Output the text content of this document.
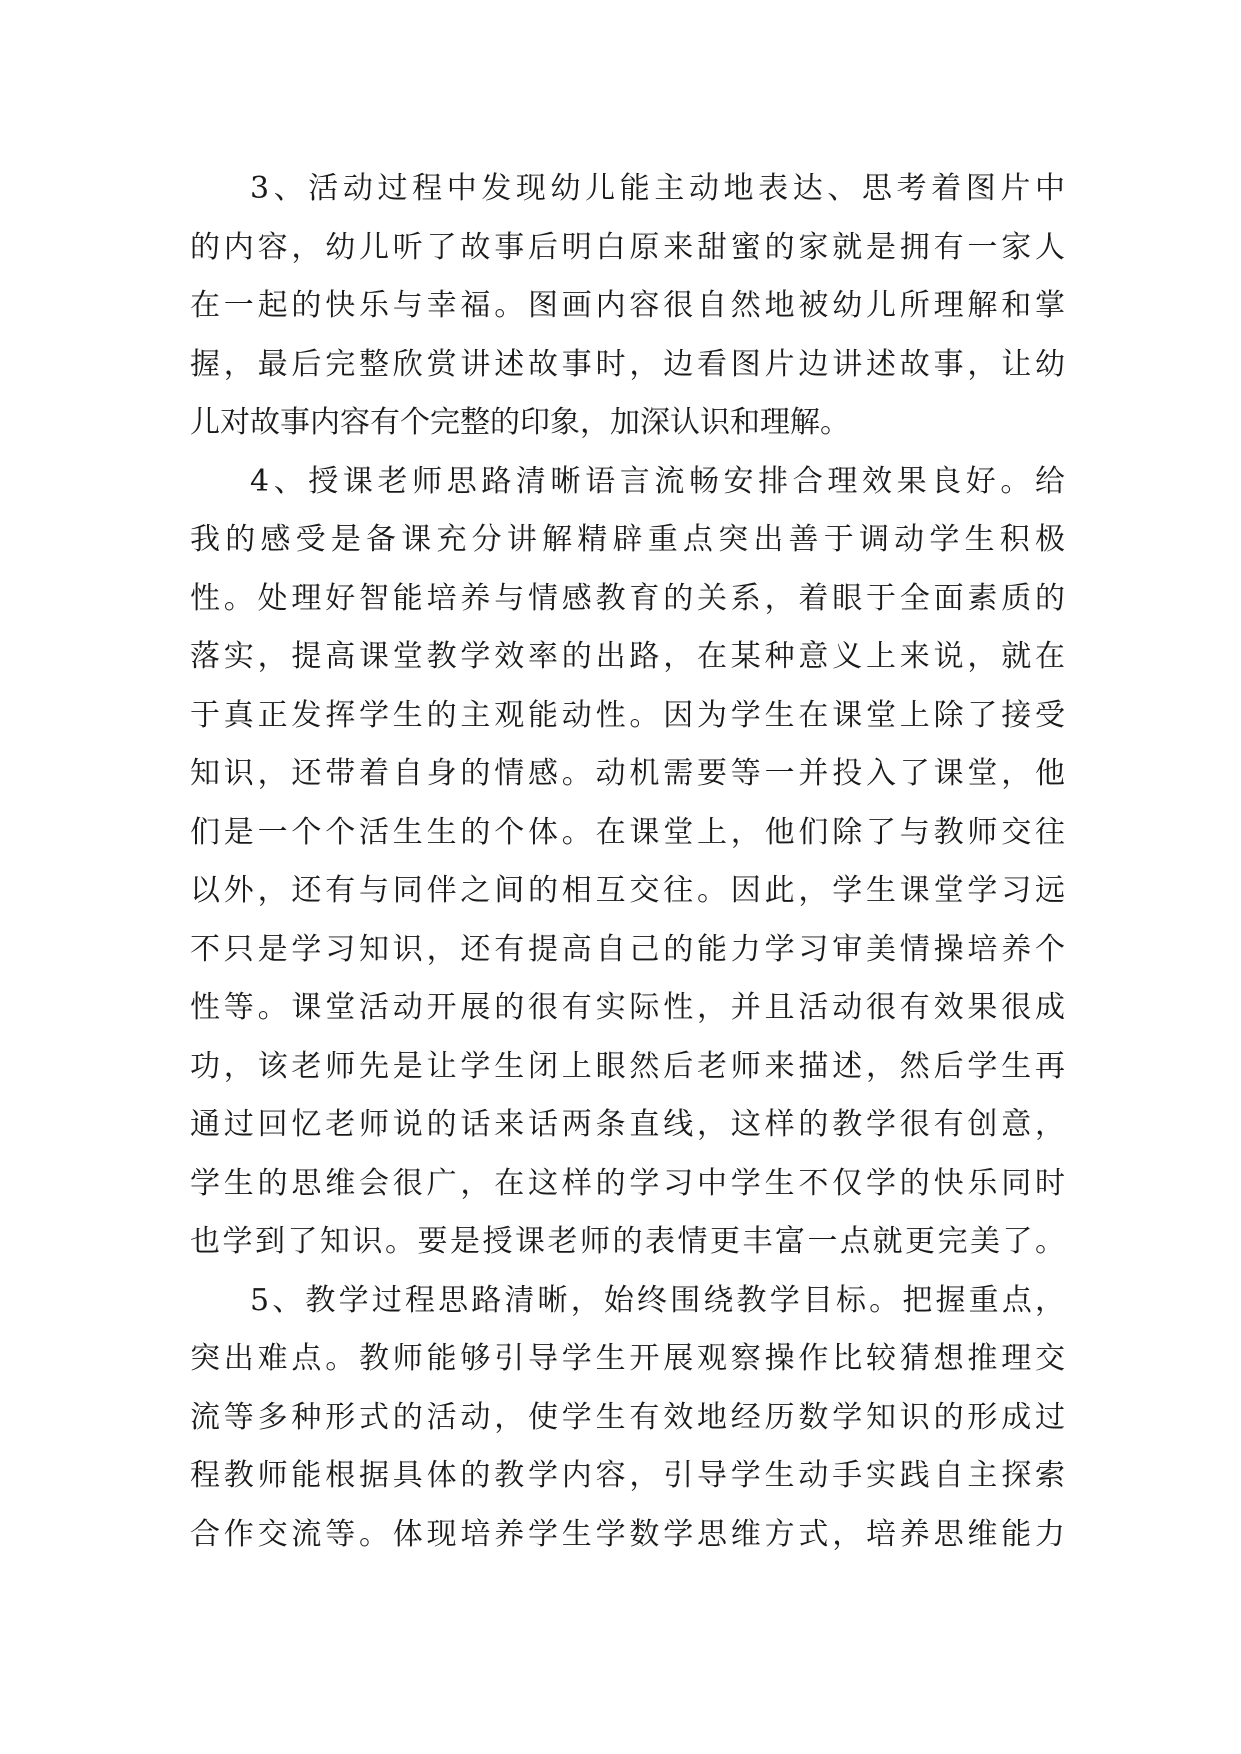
3、活动过程中发现幼儿能主动地表达、思考着图片中
的内容，幼儿听了故事后明白原来甜蜜的家就是拥有一家人
在一起的快乐与幸福。图画内容很自然地被幼儿所理解和掌
握，最后完整欣赏讲述故事时，边看图片边讲述故事，让幼
儿对故事内容有个完整的印象，加深认识和理解。
4、授课老师思路清晰语言流畅安排合理效果良好。给
我的感受是备课充分讲解精辟重点突出善于调动学生积极
性。处理好智能培养与情感教育的关系，着眼于全面素质的
落实，提高课堂教学效率的出路，在某种意义上来说，就在
于真正发挥学生的主观能动性。因为学生在课堂上除了接受
知识，还带着自身的情感。动机需要等一并投入了课堂，他
们是一个个活生生的个体。在课堂上，他们除了与教师交往
以外，还有与同伴之间的相互交往。因此，学生课堂学习远
不只是学习知识，还有提高自己的能力学习审美情操培养个
性等。课堂活动开展的很有实际性，并且活动很有效果很成
功，该老师先是让学生闭上眼然后老师来描述，然后学生再
通过回忆老师说的话来话两条直线，这样的教学很有创意，
学生的思维会很广，在这样的学习中学生不仅学的快乐同时
也学到了知识。要是授课老师的表情更丰富一点就更完美了。
5、教学过程思路清晰，始终围绕教学目标。把握重点，
突出难点。教师能够引导学生开展观察操作比较猜想推理交
流等多种形式的活动，使学生有效地经历数学知识的形成过
程教师能根据具体的教学内容，引导学生动手实践自主探索
合作交流等。体现培养学生学数学思维方式，培养思维能力
